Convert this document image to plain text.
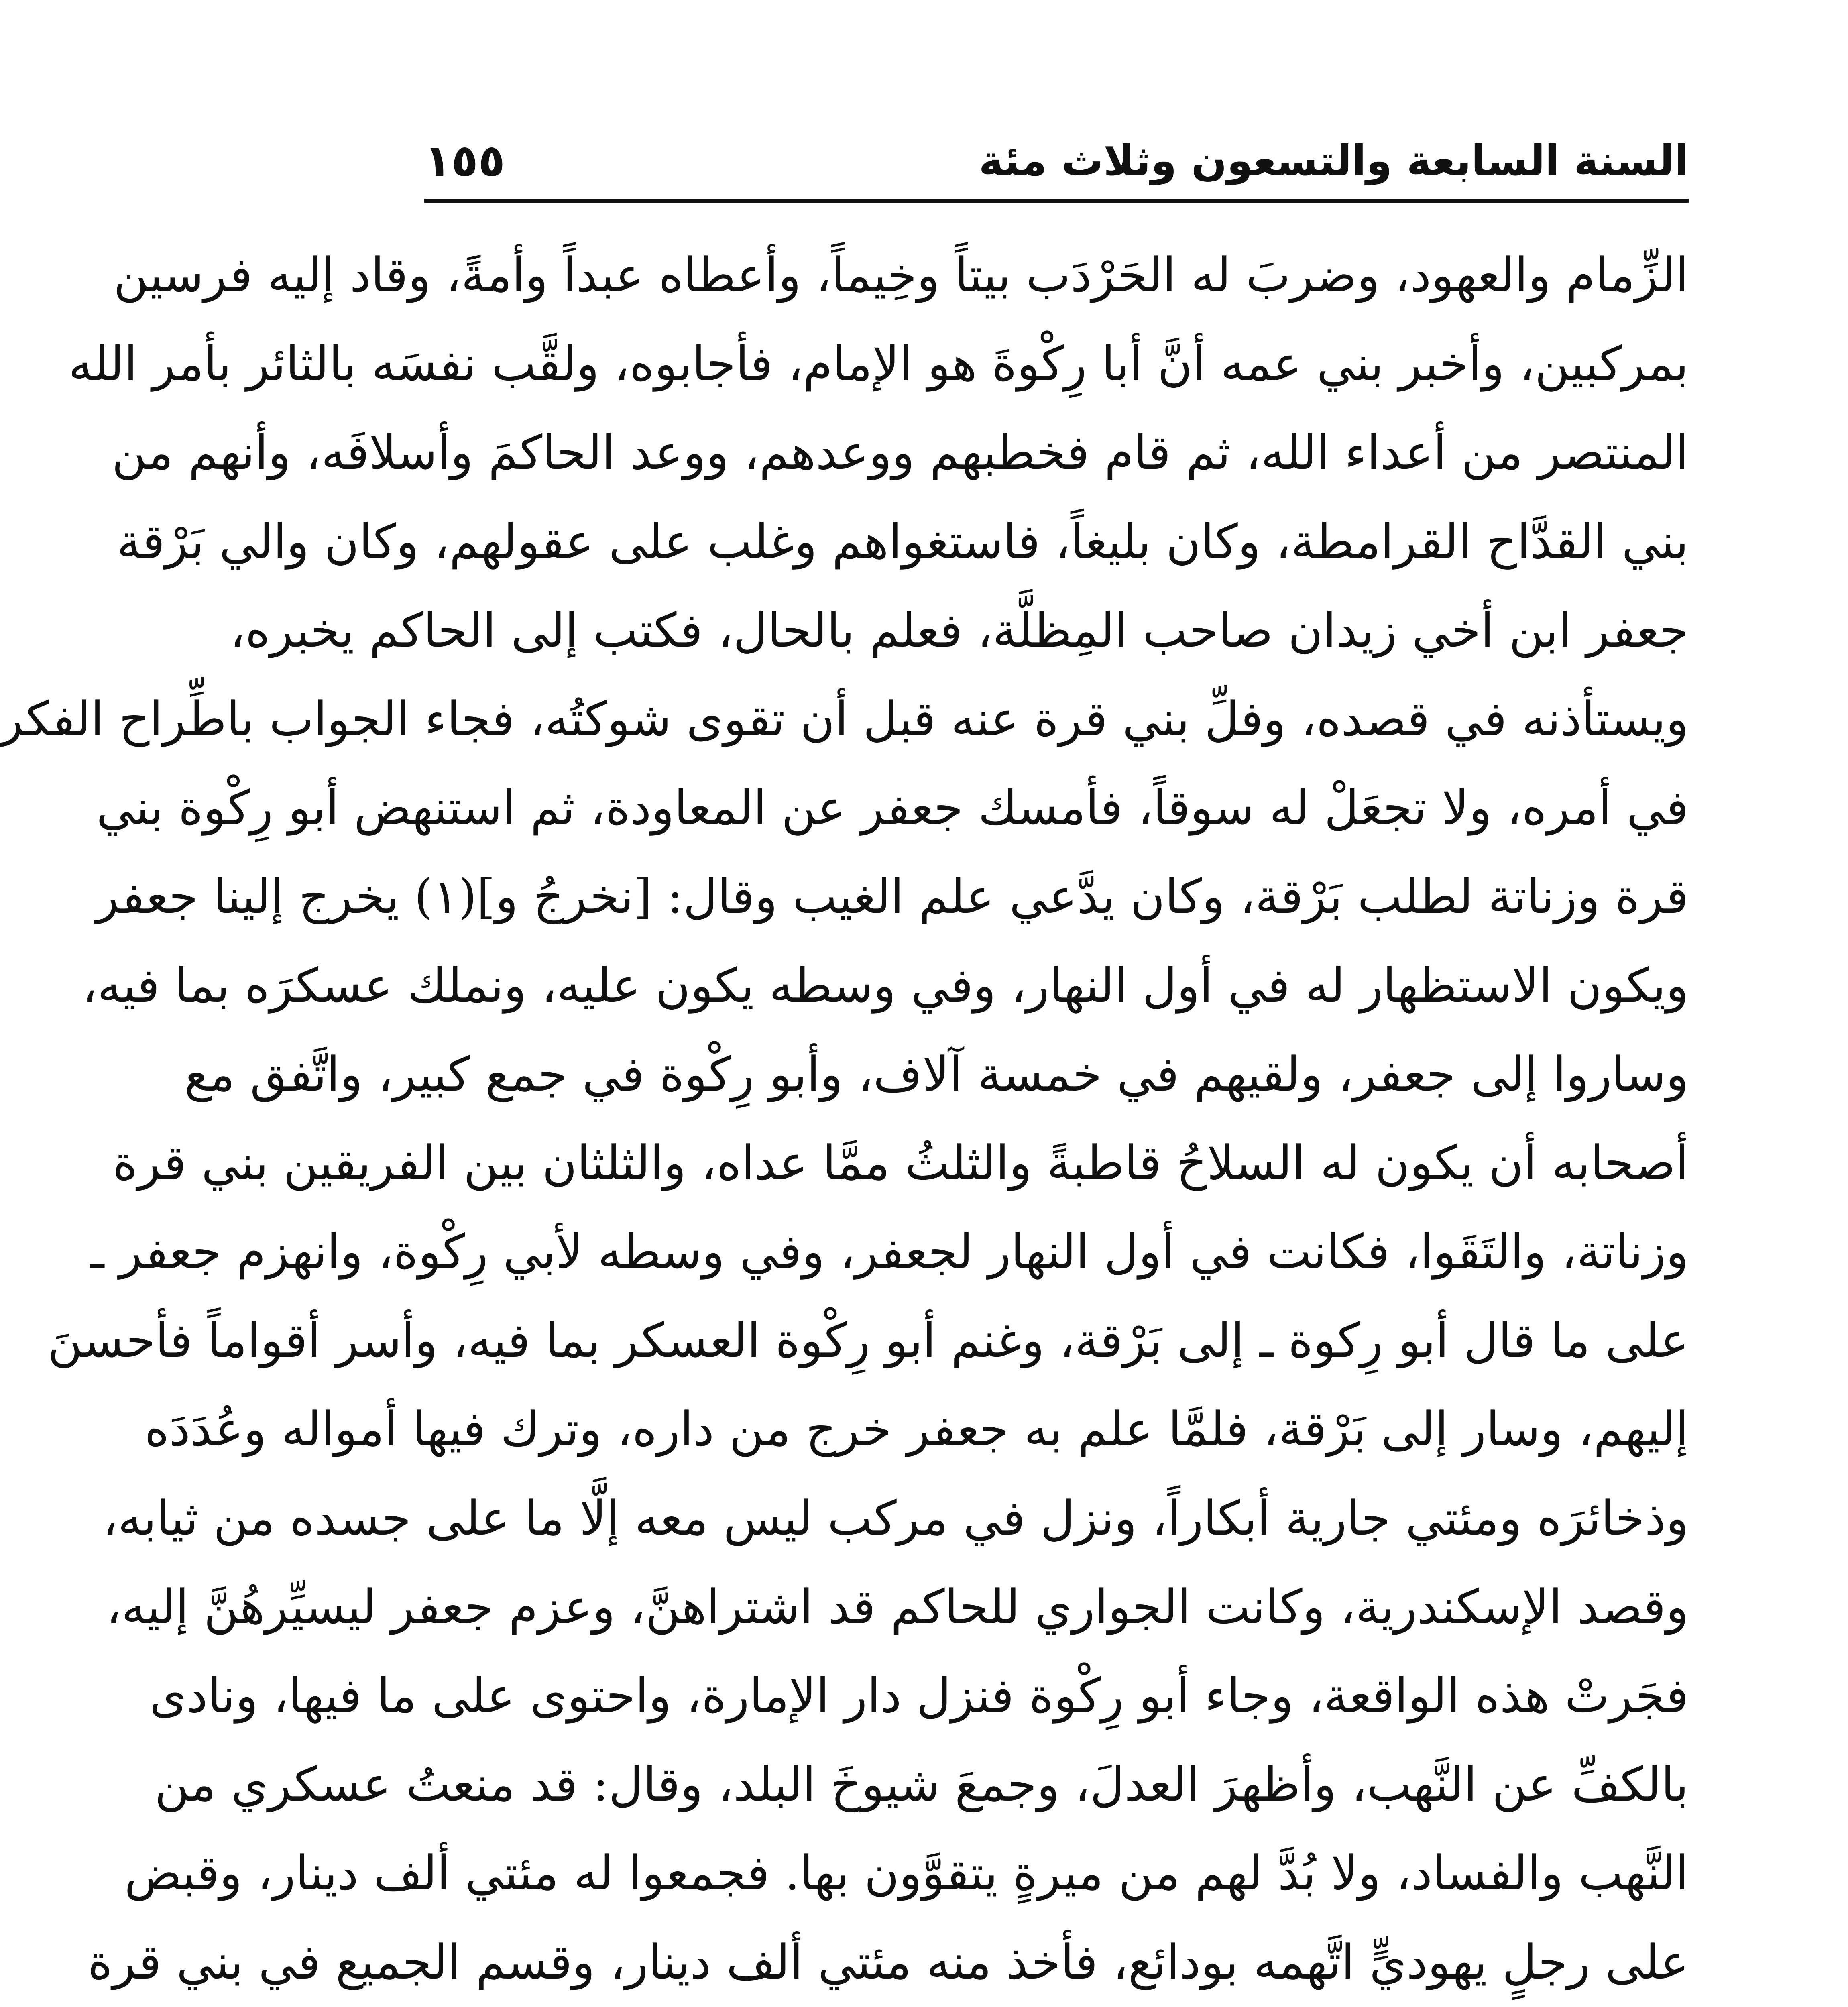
السنة السابعة والتسعون وثلاث مئة
١٥٥
الزِّمام والعهود، وضربَ له الحَرْدَب بيتاً وخِيماً، وأعطاه عبداً وأمةً، وقاد إليه فرسين
بمركبين، وأخبر بني عمه أنَّ أبا رِكْوةَ هو الإمام، فأجابوه، ولقَّب نفسَه بالثائر بأمر الله
المنتصر من أعداء الله، ثم قام فخطبهم ووعدهم، ووعد الحاكمَ وأسلافَه، وأنهم من
بني القدَّاح القرامطة، وكان بليغاً، فاستغواهم وغلب على عقولهم، وكان والي بَرْقة
جعفر ابن أخي زيدان صاحب المِظلَّة، فعلم بالحال، فكتب إلى الحاكم يخبره،
ويستأذنه في قصده، وفلِّ بني قرة عنه قبل أن تقوى شوكتُه، فجاء الجواب باطِّراح الفكر
في أمره، ولا تجعَلْ له سوقاً، فأمسك جعفر عن المعاودة، ثم استنهض أبو رِكْوة بني
قرة وزناتة لطلب بَرْقة، وكان يدَّعي علم الغيب وقال: [نخرجُ و](١) يخرج إلينا جعفر
ويكون الاستظهار له في أول النهار، وفي وسطه يكون عليه، ونملك عسكرَه بما فيه،
وساروا إلى جعفر، ولقيهم في خمسة آلاف، وأبو رِكْوة في جمع كبير، واتَّفق مع
أصحابه أن يكون له السلاحُ قاطبةً والثلثُ ممَّا عداه، والثلثان بين الفريقين بني قرة
وزناتة، والتَقَوا، فكانت في أول النهار لجعفر، وفي وسطه لأبي رِكْوة، وانهزم جعفر ـ
على ما قال أبو رِكوة ـ إلى بَرْقة، وغنم أبو رِكْوة العسكر بما فيه، وأسر أقواماً فأحسنَ
إليهم، وسار إلى بَرْقة، فلمَّا علم به جعفر خرج من داره، وترك فيها أمواله وعُدَدَه
وذخائرَه ومئتي جارية أبكاراً، ونزل في مركب ليس معه إلَّا ما على جسده من ثيابه،
وقصد الإسكندرية، وكانت الجواري للحاكم قد اشتراهنَّ، وعزم جعفر ليسيِّرهُنَّ إليه،
فجَرتْ هذه الواقعة، وجاء أبو رِكْوة فنزل دار الإمارة، واحتوى على ما فيها، ونادى
بالكفِّ عن النَّهب، وأظهرَ العدلَ، وجمعَ شيوخَ البلد، وقال: قد منعتُ عسكري من
النَّهب والفساد، ولا بُدَّ لهم من ميرةٍ يتقوَّون بها. فجمعوا له مئتي ألف دينار، وقبض
على رجلٍ يهوديٍّ اتَّهمه بودائع، فأخذ منه مئتي ألف دينار، وقسم الجميع في بني قرة
